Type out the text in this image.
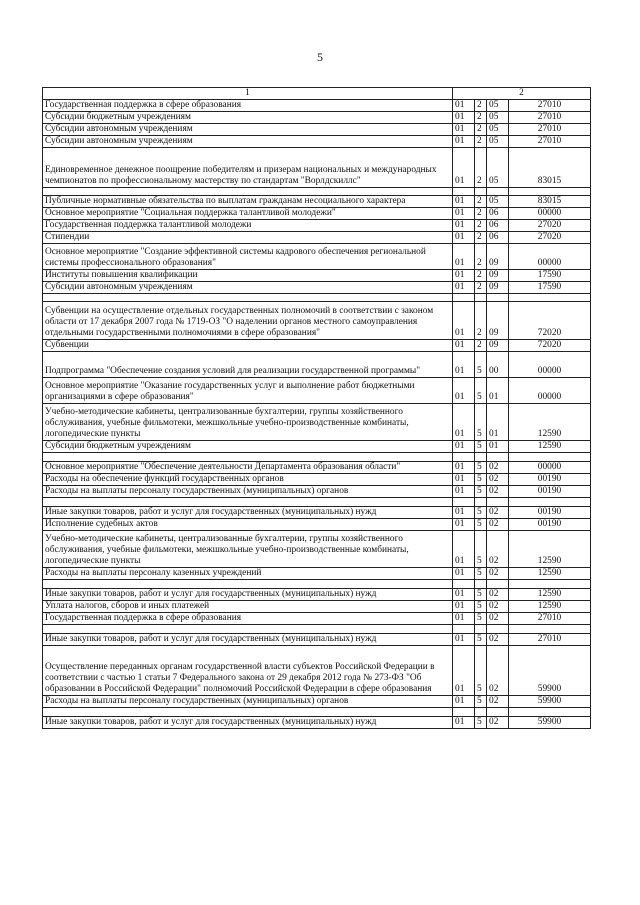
5
1	2			
Государственная поддержка в сфере образования	01	2	05	27010
Субсидии бюджетным учреждениям	01	2	05	27010
Субсидии автономным учреждениям	01	2	05	27010
Субсидии автономным учреждениям	01	2	05	27010
Единовременное денежное поощрение победителям и призерам национальных и международных чемпионатов по профессиональному мастерству по стандартам "Ворлдскиллс"	01	2	05	83015

Публичные нормативные обязательства по выплатам гражданам несоциального характера	01	2	05	83015
Основное мероприятие "Социальная поддержка талантливой молодежи"	01	2	06	00000
Государственная поддержка талантливой молодежи	01	2	06	27020
Стипендии	01	2	06	27020
Основное мероприятие "Создание эффективной системы кадрового обеспечения региональной системы профессионального образования"	01	2	09	00000
Институты повышения квалификации	01	2	09	17590
Субсидии автономным учреждениям	01	2	09	17590

Субвенции на осуществление отдельных государственных полномочий в соответствии с законом области от 17 декабря 2007 года № 1719-ОЗ "О наделении органов местного самоуправления отдельными государственными полномочиями в сфере образования"	01	2	09	72020
Субвенции	01	2	09	72020
Подпрограмма "Обеспечение создания условий для реализации государственной программы"	01	5	00	00000
Основное мероприятие "Оказание государственных услуг и выполнение работ бюджетными организациями в сфере образования"	01	5	01	00000
Учебно-методические кабинеты, централизованные бухгалтерии, группы хозяйственного обслуживания, учебные фильмотеки, межшкольные учебно-производственные комбинаты, логопедические пункты	01	5	01	12590
Субсидии бюджетным учреждениям	01	5	01	12590

Основное мероприятие "Обеспечение деятельности Департамента образования области"	01	5	02	00000
Расходы на обеспечение функций государственных органов	01	5	02	00190
Расходы на выплаты персоналу государственных (муниципальных) органов	01	5	02	00190

Иные закупки товаров, работ и услуг для государственных (муниципальных) нужд	01	5	02	00190
Исполнение судебных актов	01	5	02	00190
Учебно-методические кабинеты, централизованные бухгалтерии, группы хозяйственного обслуживания, учебные фильмотеки, межшкольные учебно-производственные комбинаты, логопедические пункты	01	5	02	12590
Расходы на выплаты персоналу казенных учреждений	01	5	02	12590

Иные закупки товаров, работ и услуг для государственных (муниципальных) нужд	01	5	02	12590
Уплата налогов, сборов и иных платежей	01	5	02	12590
Государственная поддержка в сфере образования	01	5	02	27010

Иные закупки товаров, работ и услуг для государственных (муниципальных) нужд	01	5	02	27010
Осуществление переданных органам государственной власти субъектов Российской Федерации в соответствии с частью 1 статьи 7 Федерального закона от 29 декабря 2012 года № 273-ФЗ "Об образовании в Российской Федерации" полномочий Российской Федерации в сфере образования	01	5	02	59900
Расходы на выплаты персоналу государственных (муниципальных) органов	01	5	02	59900

Иные закупки товаров, работ и услуг для государственных (муниципальных) нужд	01	5	02	59900
